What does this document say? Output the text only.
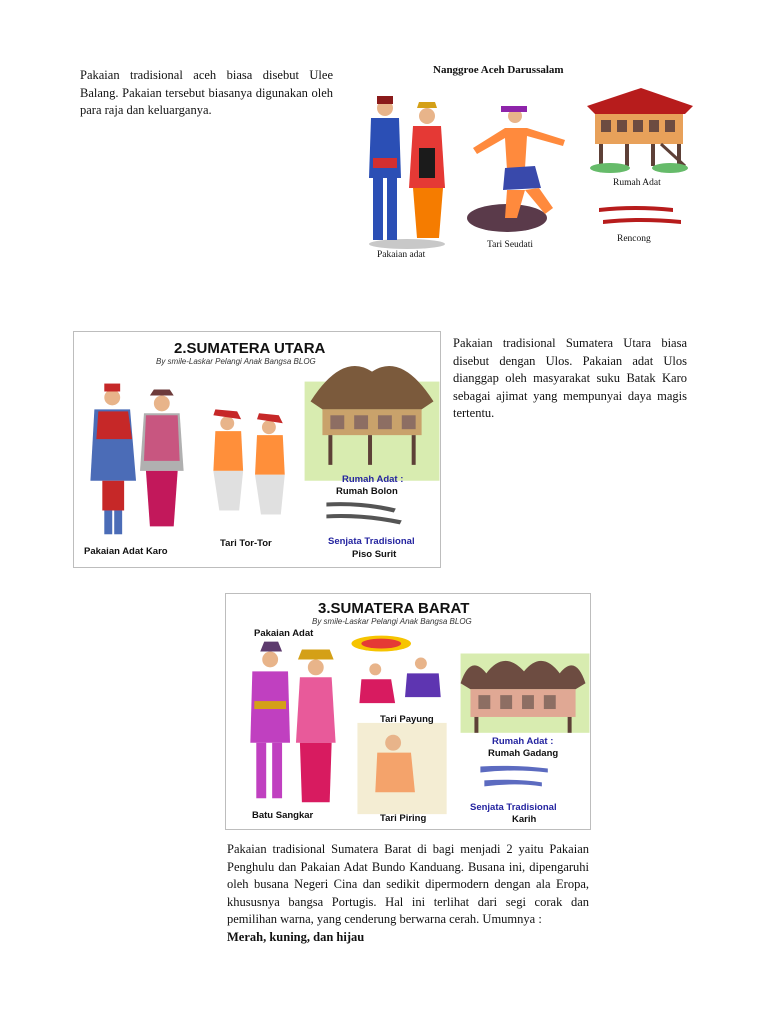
Pakaian tradisional aceh biasa disebut Ulee Balang. Pakaian tersebut biasanya digunakan oleh para raja dan keluarganya.
Nanggroe Aceh Darussalam
Pakaian adat
Tari Seudati
Rumah Adat
Rencong
2.SUMATERA UTARA
By smile-Laskar Pelangi Anak Bangsa BLOG
Pakaian Adat Karo
Tari Tor-Tor
Rumah Adat :
Rumah Bolon
Senjata Tradisional
Piso Surit
Pakaian tradisional Sumatera Utara biasa disebut dengan Ulos. Pakaian adat Ulos dianggap oleh masyarakat suku Batak Karo sebagai ajimat yang mempunyai daya magis tertentu.
3.SUMATERA BARAT
By smile-Laskar Pelangi Anak Bangsa BLOG
Pakaian Adat
Batu Sangkar
Tari Payung
Tari Piring
Rumah Adat :
Rumah Gadang
Senjata Tradisional
Karih
Pakaian tradisional Sumatera Barat di bagi menjadi 2 yaitu Pakaian Penghulu dan Pakaian Adat Bundo Kanduang. Busana ini, dipengaruhi oleh busana Negeri Cina dan sedikit dipermodern dengan ala Eropa, khususnya bangsa Portugis. Hal ini terlihat dari segi corak dan pemilihan warna, yang cenderung berwarna cerah. Umumnya :
Merah, kuning, dan hijau
